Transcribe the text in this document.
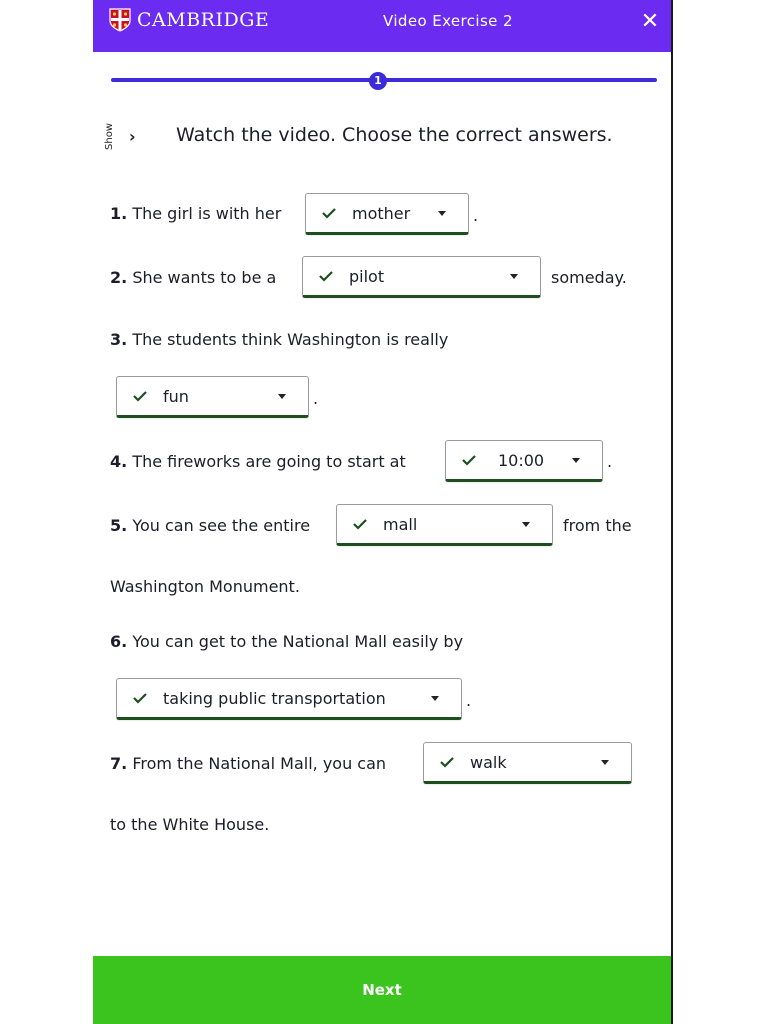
CAMBRIDGE	Video Exercise 2	✕
1
Show › Watch the video. Choose the correct answers.
1. The girl is with her	mother	.
2. She wants to be a	pilot	someday.
3. The students think Washington is really
fun	.
4. The fireworks are going to start at	10:00	.
5. You can see the entire	mall	from the
Washington Monument.
6. You can get to the National Mall easily by
taking public transportation	.
7. From the National Mall, you can	walk
to the White House.
Next
